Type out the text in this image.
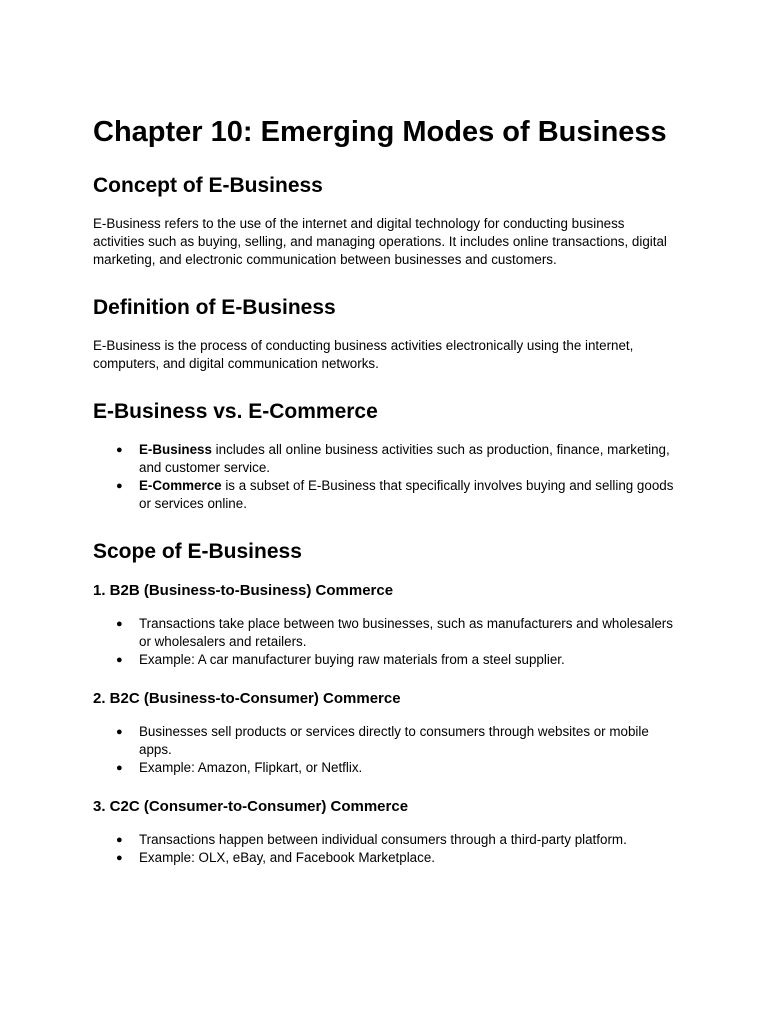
Chapter 10: Emerging Modes of Business
Concept of E-Business

E-Business refers to the use of the internet and digital technology for conducting business activities such as buying, selling, and managing operations. It includes online transactions, digital marketing, and electronic communication between businesses and customers.

Definition of E-Business

E-Business is the process of conducting business activities electronically using the internet, computers, and digital communication networks.

E-Business vs. E-Commerce
● E-Business includes all online business activities such as production, finance, marketing, and customer service.
● E-Commerce is a subset of E-Business that specifically involves buying and selling goods or services online.
Scope of E-Business
1. B2B (Business-to-Business) Commerce
● Transactions take place between two businesses, such as manufacturers and wholesalers or wholesalers and retailers.
● Example: A car manufacturer buying raw materials from a steel supplier.
2. B2C (Business-to-Consumer) Commerce
● Businesses sell products or services directly to consumers through websites or mobile apps.
● Example: Amazon, Flipkart, or Netflix.
3. C2C (Consumer-to-Consumer) Commerce
● Transactions happen between individual consumers through a third-party platform.
● Example: OLX, eBay, and Facebook Marketplace.
